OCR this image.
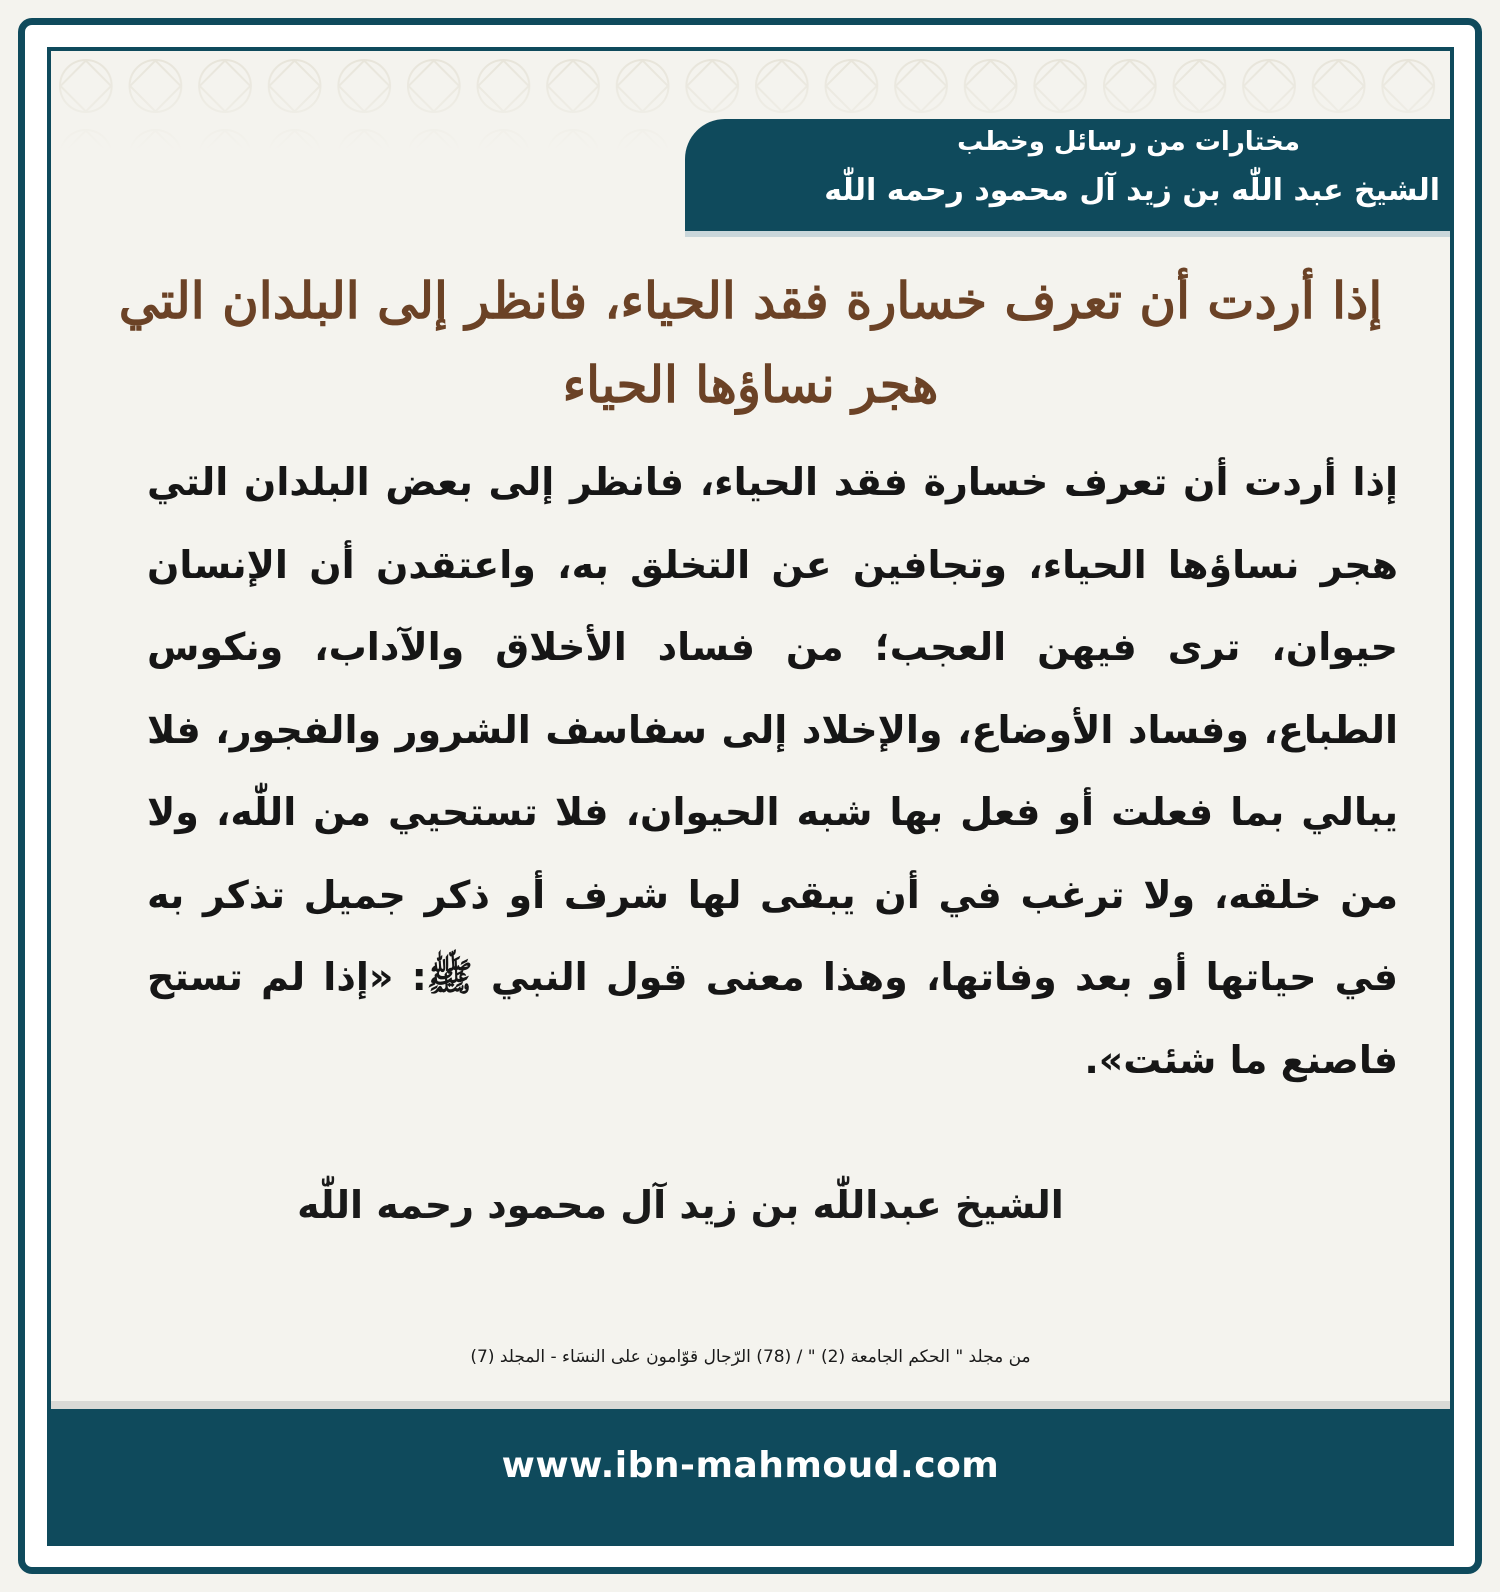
مختارات من رسائل وخطب
الشيخ عبد اللّٰه بن زيد آل محمود رحمه اللّٰه
إذا أردت أن تعرف خسارة فقد الحياء، فانظر إلى البلدان التي هجر نساؤها الحياء
إذا أردت أن تعرف خسارة فقد الحياء، فانظر إلى بعض البلدان التي هجر نساؤها الحياء، وتجافين عن التخلق به، واعتقدن أن الإنسان حيوان، ترى فيهن العجب؛ من فساد الأخلاق والآداب، ونكوس الطباع، وفساد الأوضاع، والإخلاد إلى سفاسف الشرور والفجور، فلا يبالي بما فعلت أو فعل بها شبه الحيوان، فلا تستحيي من اللّٰه، ولا من خلقه، ولا ترغب في أن يبقى لها شرف أو ذكر جميل تذكر به في حياتها أو بعد وفاتها، وهذا معنى قول النبي ﷺ: «إذا لم تستح فاصنع ما شئت».
الشيخ عبداللّٰه بن زيد آل محمود رحمه اللّٰه
من مجلد " الحكم الجامعة (2) " / (78) الرّجال قوّامون على النسَاء - المجلد (7)
www.ibn-mahmoud.com
